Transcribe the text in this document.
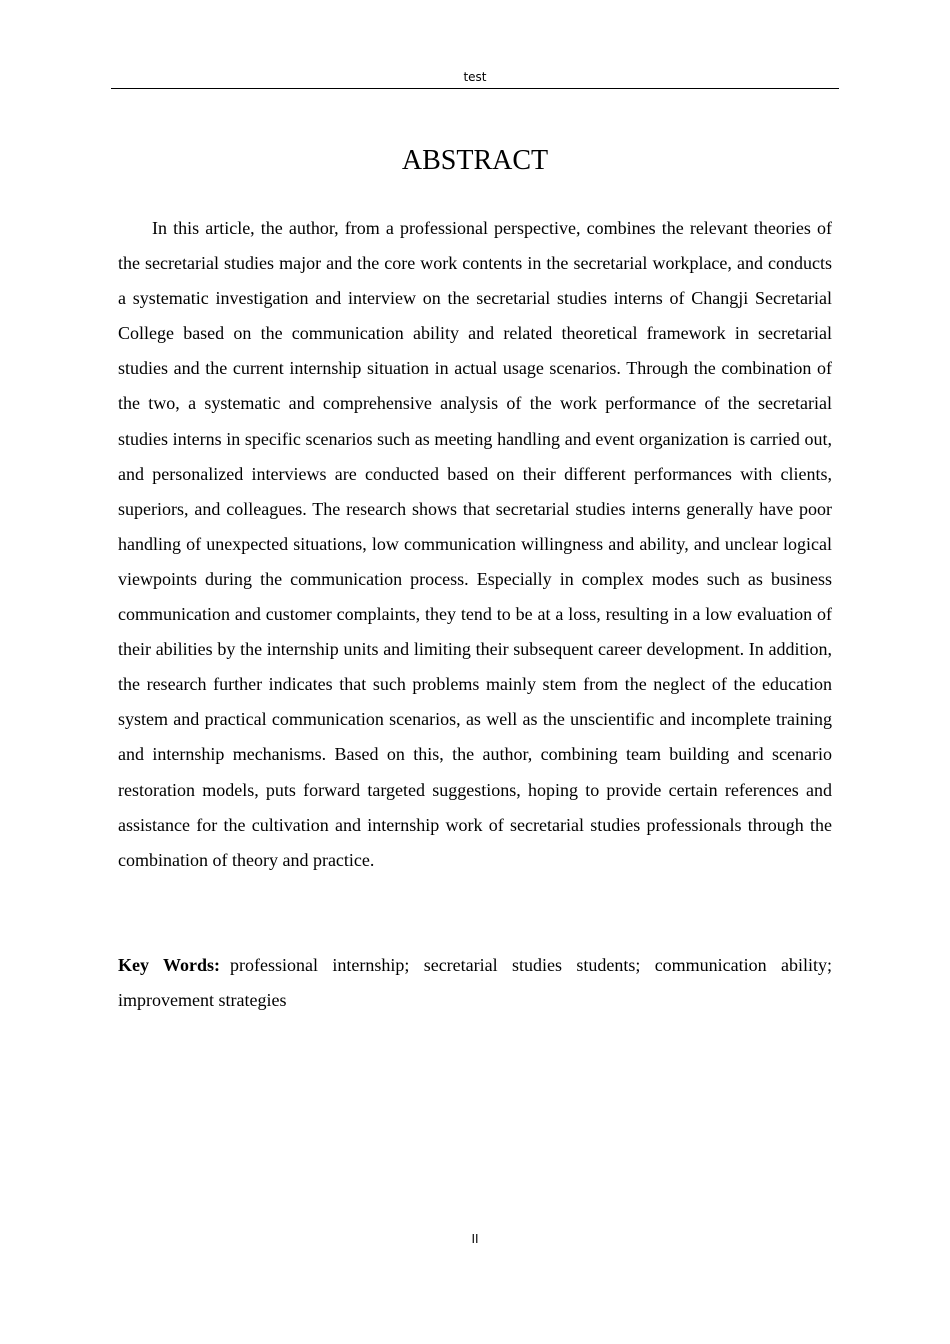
test
ABSTRACT

In this article, the author, from a professional perspective, combines the relevant theories of the secretarial studies major and the core work contents in the secretarial workplace, and conducts a systematic investigation and interview on the secretarial studies interns of Changji Secretarial College based on the communication ability and related theoretical framework in secretarial studies and the current internship situation in actual usage scenarios. Through the combination of the two, a systematic and comprehensive analysis of the work performance of the secretarial studies interns in specific scenarios such as meeting handling and event organization is carried out, and personalized interviews are conducted based on their different performances with clients, superiors, and colleagues. The research shows that secretarial studies interns generally have poor handling of unexpected situations, low communication willingness and ability, and unclear logical viewpoints during the communication process. Especially in complex modes such as business communication and customer complaints, they tend to be at a loss, resulting in a low evaluation of their abilities by the internship units and limiting their subsequent career development. In addition, the research further indicates that such problems mainly stem from the neglect of the education system and practical communication scenarios, as well as the unscientific and incomplete training and internship mechanisms. Based on this, the author, combining team building and scenario restoration models, puts forward targeted suggestions, hoping to provide certain references and assistance for the cultivation and internship work of secretarial studies professionals through the combination of theory and practice.

Key Words: professional internship; secretarial studies students; communication ability; improvement strategies

II
